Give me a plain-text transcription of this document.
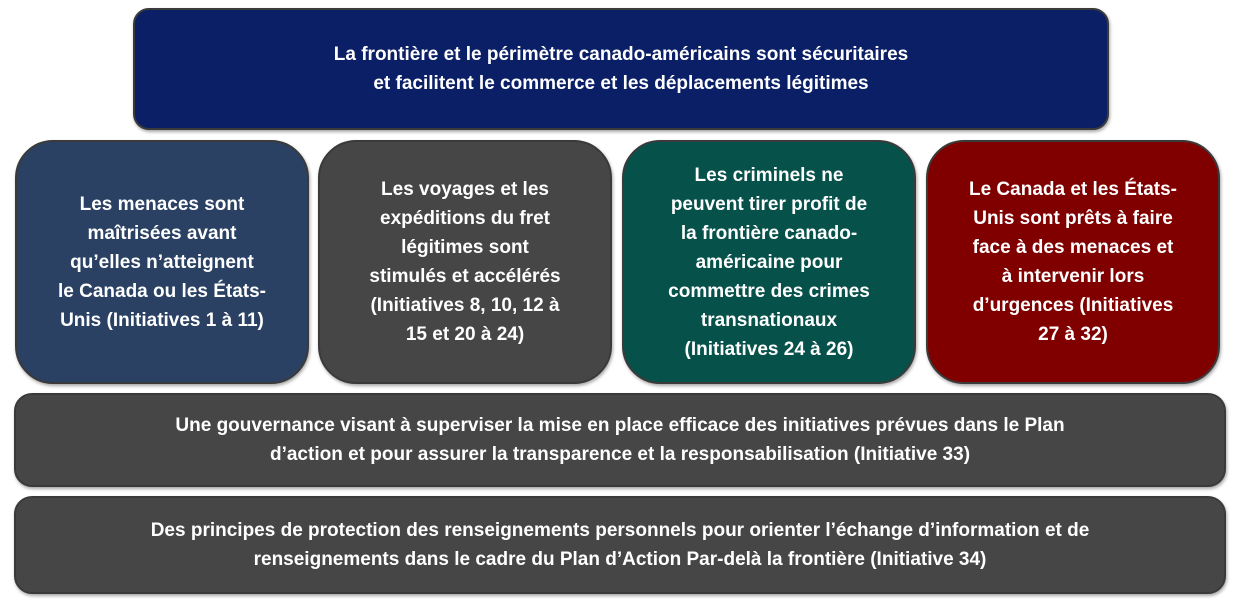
La frontière et le périmètre canado-américains sont sécuritaires
et facilitent le commerce et les déplacements légitimes
Les menaces sont
maîtrisées avant
qu’elles n’atteignent
le Canada ou les États-
Unis (Initiatives 1 à 11)
Les voyages et les
expéditions du fret
légitimes sont
stimulés et accélérés
(Initiatives 8, 10, 12 à
15 et 20 à 24)
Les criminels ne
peuvent tirer profit de
la frontière canado-
américaine pour
commettre des crimes
transnationaux
(Initiatives 24 à 26)
Le Canada et les États-
Unis sont prêts à faire
face à des menaces et
à intervenir lors
d’urgences (Initiatives
27 à 32)
Une gouvernance visant à superviser la mise en place efficace des initiatives prévues dans le Plan
d’action et pour assurer la transparence et la responsabilisation (Initiative 33)
Des principes de protection des renseignements personnels pour orienter l’échange d’information et de
renseignements dans le cadre du Plan d’Action Par-delà la frontière (Initiative 34)
